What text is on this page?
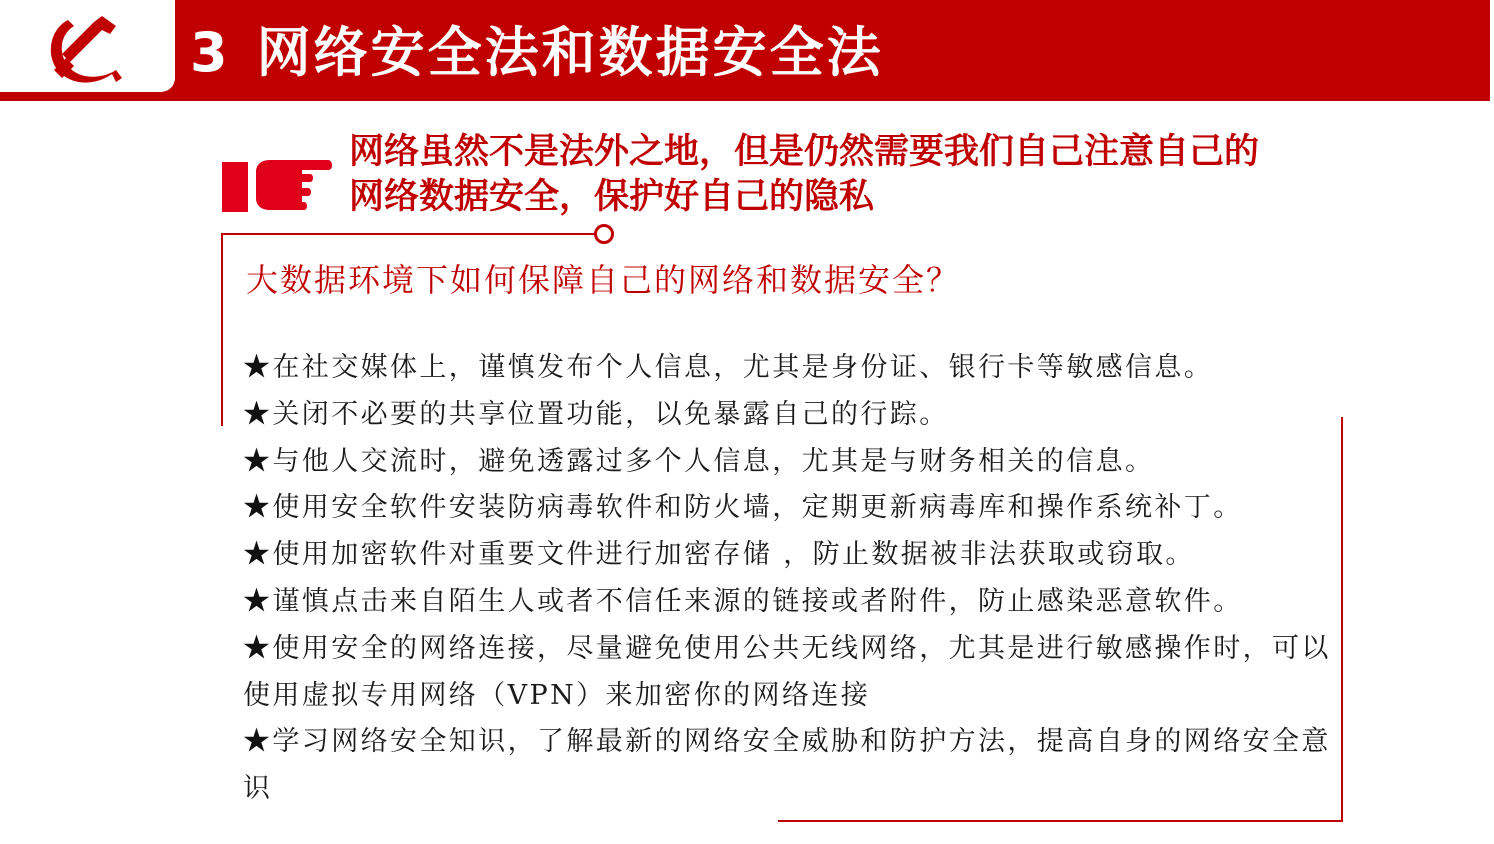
3 网络安全法和数据安全法
网络虽然不是法外之地，但是仍然需要我们自己注意自己的
网络数据安全，保护好自己的隐私
大数据环境下如何保障自己的网络和数据安全？
★在社交媒体上，谨慎发布个人信息，尤其是身份证、银行卡等敏感信息。
★关闭不必要的共享位置功能，以免暴露自己的行踪。
★与他人交流时，避免透露过多个人信息，尤其是与财务相关的信息。
★使用安全软件安装防病毒软件和防火墙，定期更新病毒库和操作系统补丁。
★使用加密软件对重要文件进行加密存储 ，防止数据被非法获取或窃取。
★谨慎点击来自陌生人或者不信任来源的链接或者附件，防止感染恶意软件。
★使用安全的网络连接，尽量避免使用公共无线网络，尤其是进行敏感操作时，可以使用虚拟专用网络（VPN）来加密你的网络连接
★学习网络安全知识，了解最新的网络安全威胁和防护方法，提高自身的网络安全意识
